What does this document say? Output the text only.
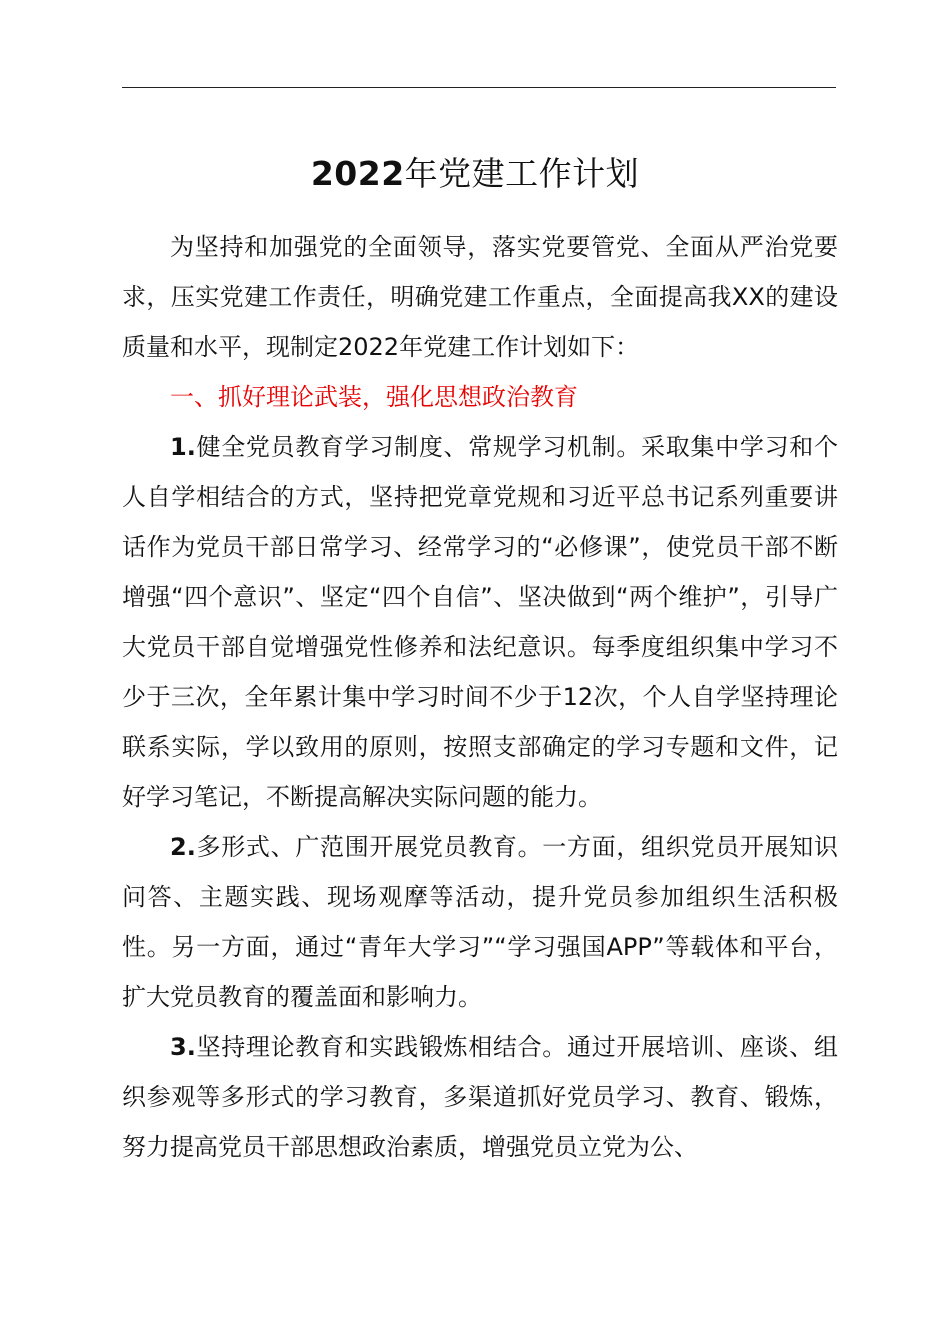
2022年党建工作计划

为坚持和加强党的全面领导，落实党要管党、全面从严治党要求，压实党建工作责任，明确党建工作重点，全面提高我XX的建设质量和水平，现制定2022年党建工作计划如下：

一、抓好理论武装，强化思想政治教育

1.健全党员教育学习制度、常规学习机制。采取集中学习和个人自学相结合的方式，坚持把党章党规和习近平总书记系列重要讲话作为党员干部日常学习、经常学习的“必修课”，使党员干部不断增强“四个意识”、坚定“四个自信”、坚决做到“两个维护”，引导广大党员干部自觉增强党性修养和法纪意识。每季度组织集中学习不少于三次，全年累计集中学习时间不少于12次，个人自学坚持理论联系实际，学以致用的原则，按照支部确定的学习专题和文件，记好学习笔记，不断提高解决实际问题的能力。

2.多形式、广范围开展党员教育。一方面，组织党员开展知识问答、主题实践、现场观摩等活动，提升党员参加组织生活积极性。另一方面，通过“青年大学习”“学习强国APP”等载体和平台，扩大党员教育的覆盖面和影响力。

3.坚持理论教育和实践锻炼相结合。通过开展培训、座谈、组织参观等多形式的学习教育，多渠道抓好党员学习、教育、锻炼，努力提高党员干部思想政治素质，增强党员立党为公、
